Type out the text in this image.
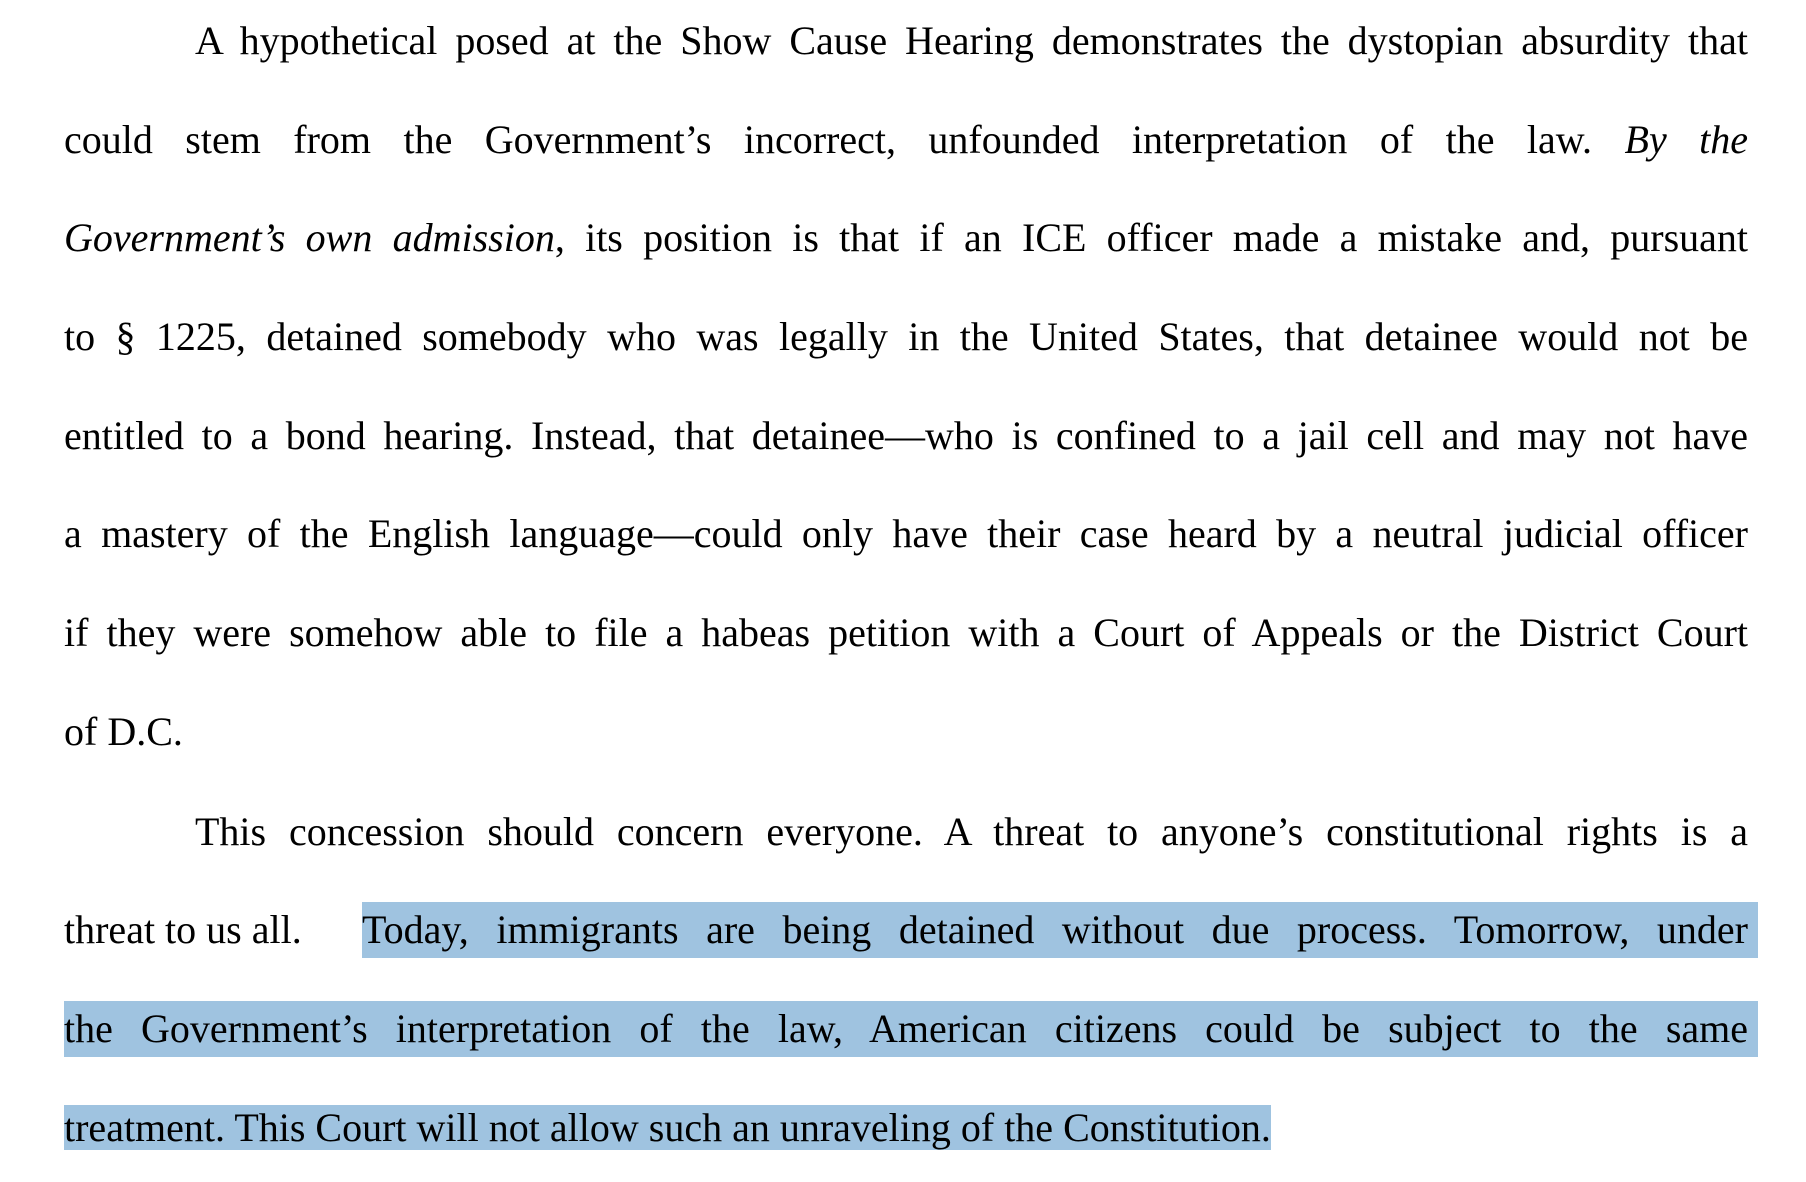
A hypothetical posed at the Show Cause Hearing demonstrates the dystopian absurdity that
could stem from the Government’s incorrect, unfounded interpretation of the law. By the
Government’s own admission, its position is that if an ICE officer made a mistake and, pursuant
to § 1225, detained somebody who was legally in the United States, that detainee would not be
entitled to a bond hearing. Instead, that detainee—who is confined to a jail cell and may not have
a mastery of the English language—could only have their case heard by a neutral judicial officer
if they were somehow able to file a habeas petition with a Court of Appeals or the District Court
of D.C.
This concession should concern everyone. A threat to anyone’s constitutional rights is a
threat to us all. Today, immigrants are being detained without due process. Tomorrow, under
the Government’s interpretation of the law, American citizens could be subject to the same
treatment. This Court will not allow such an unraveling of the Constitution.
